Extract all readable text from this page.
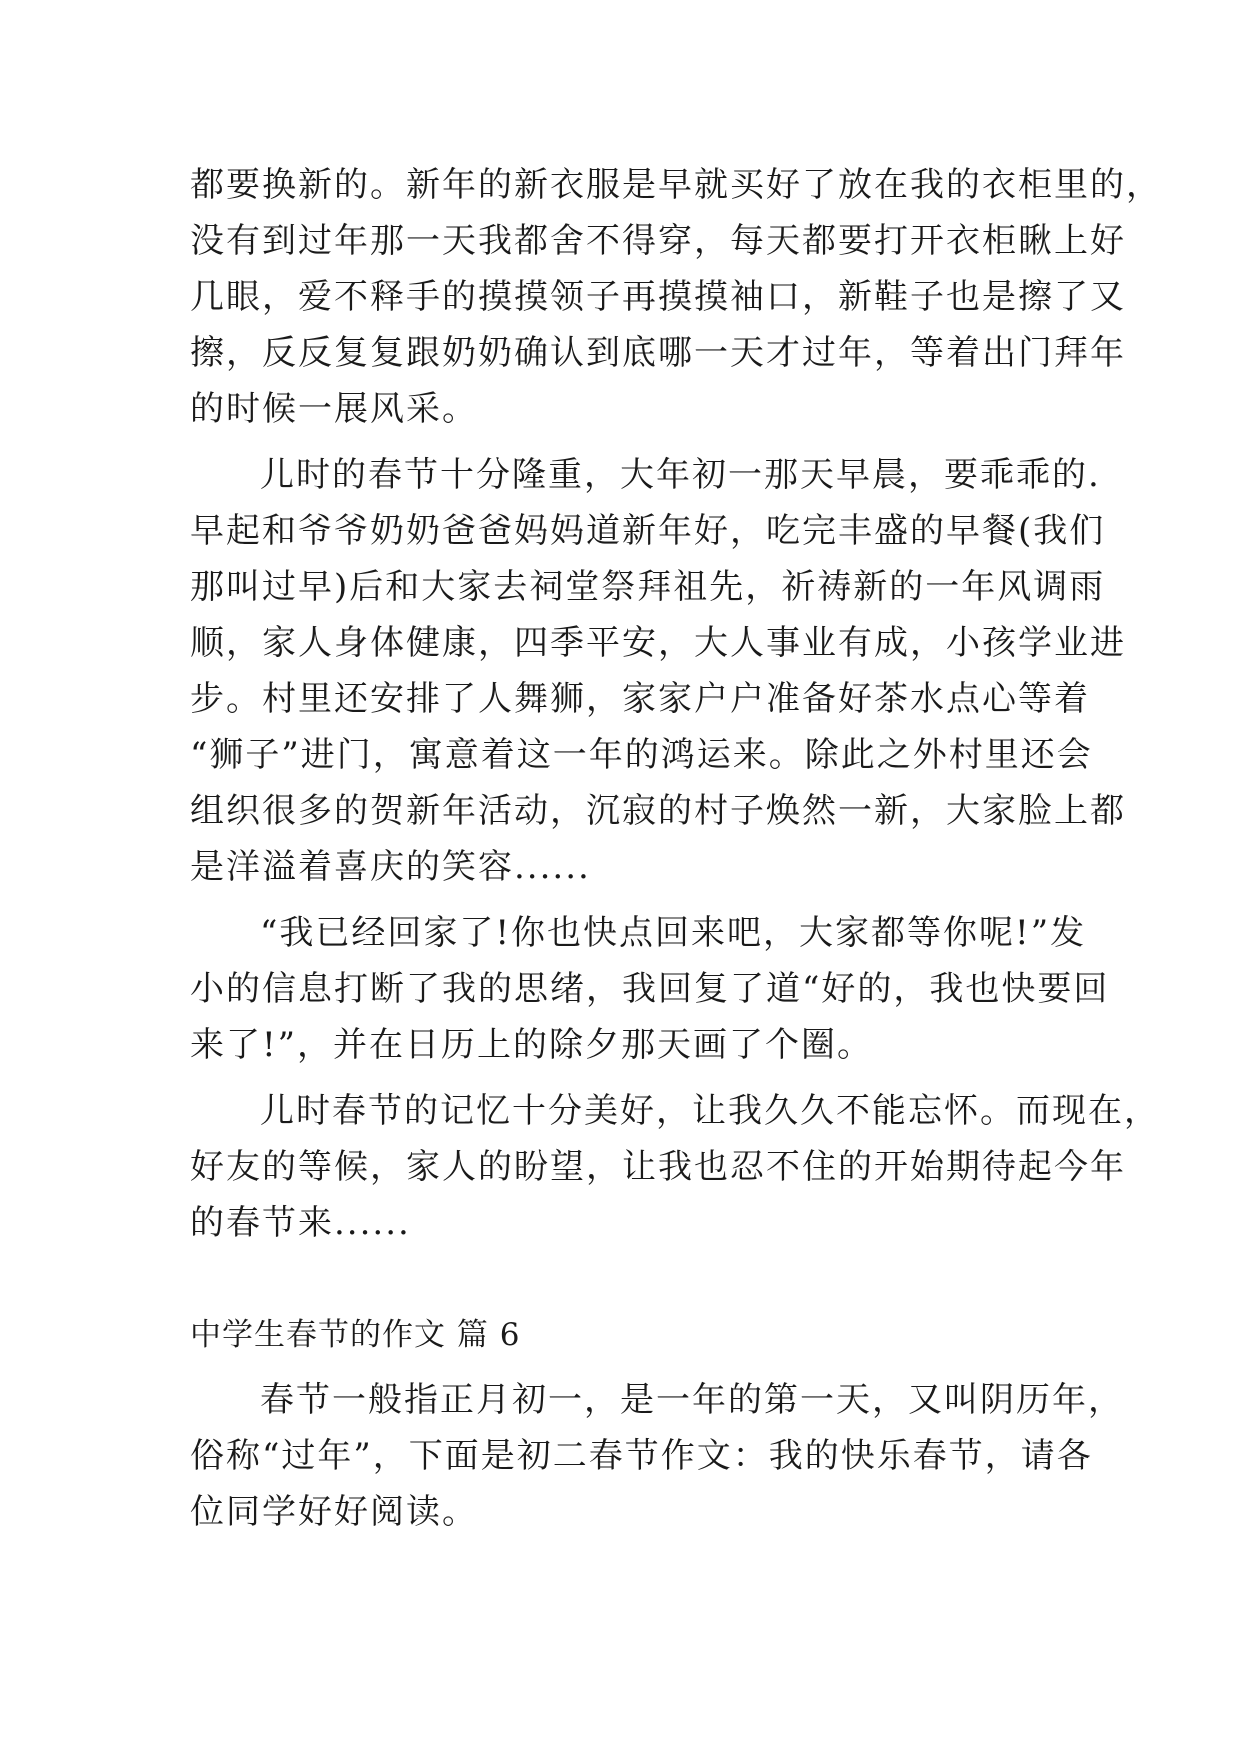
都要换新的。新年的新衣服是早就买好了放在我的衣柜里的，
没有到过年那一天我都舍不得穿，每天都要打开衣柜瞅上好
几眼，爱不释手的摸摸领子再摸摸袖口，新鞋子也是擦了又
擦，反反复复跟奶奶确认到底哪一天才过年，等着出门拜年
的时候一展风采。
儿时的春节十分隆重，大年初一那天早晨，要乖乖的.
早起和爷爷奶奶爸爸妈妈道新年好，吃完丰盛的早餐(我们
那叫过早)后和大家去祠堂祭拜祖先，祈祷新的一年风调雨
顺，家人身体健康，四季平安，大人事业有成，小孩学业进
步。村里还安排了人舞狮，家家户户准备好茶水点心等着
“狮子”进门，寓意着这一年的鸿运来。除此之外村里还会
组织很多的贺新年活动，沉寂的村子焕然一新，大家脸上都
是洋溢着喜庆的笑容......
“我已经回家了!你也快点回来吧，大家都等你呢!”发
小的信息打断了我的思绪，我回复了道“好的，我也快要回
来了!”，并在日历上的除夕那天画了个圈。
儿时春节的记忆十分美好，让我久久不能忘怀。而现在，
好友的等候，家人的盼望，让我也忍不住的开始期待起今年
的春节来......
中学生春节的作文 篇 6
春节一般指正月初一，是一年的第一天，又叫阴历年，
俗称“过年”，下面是初二春节作文：我的快乐春节，请各
位同学好好阅读。
